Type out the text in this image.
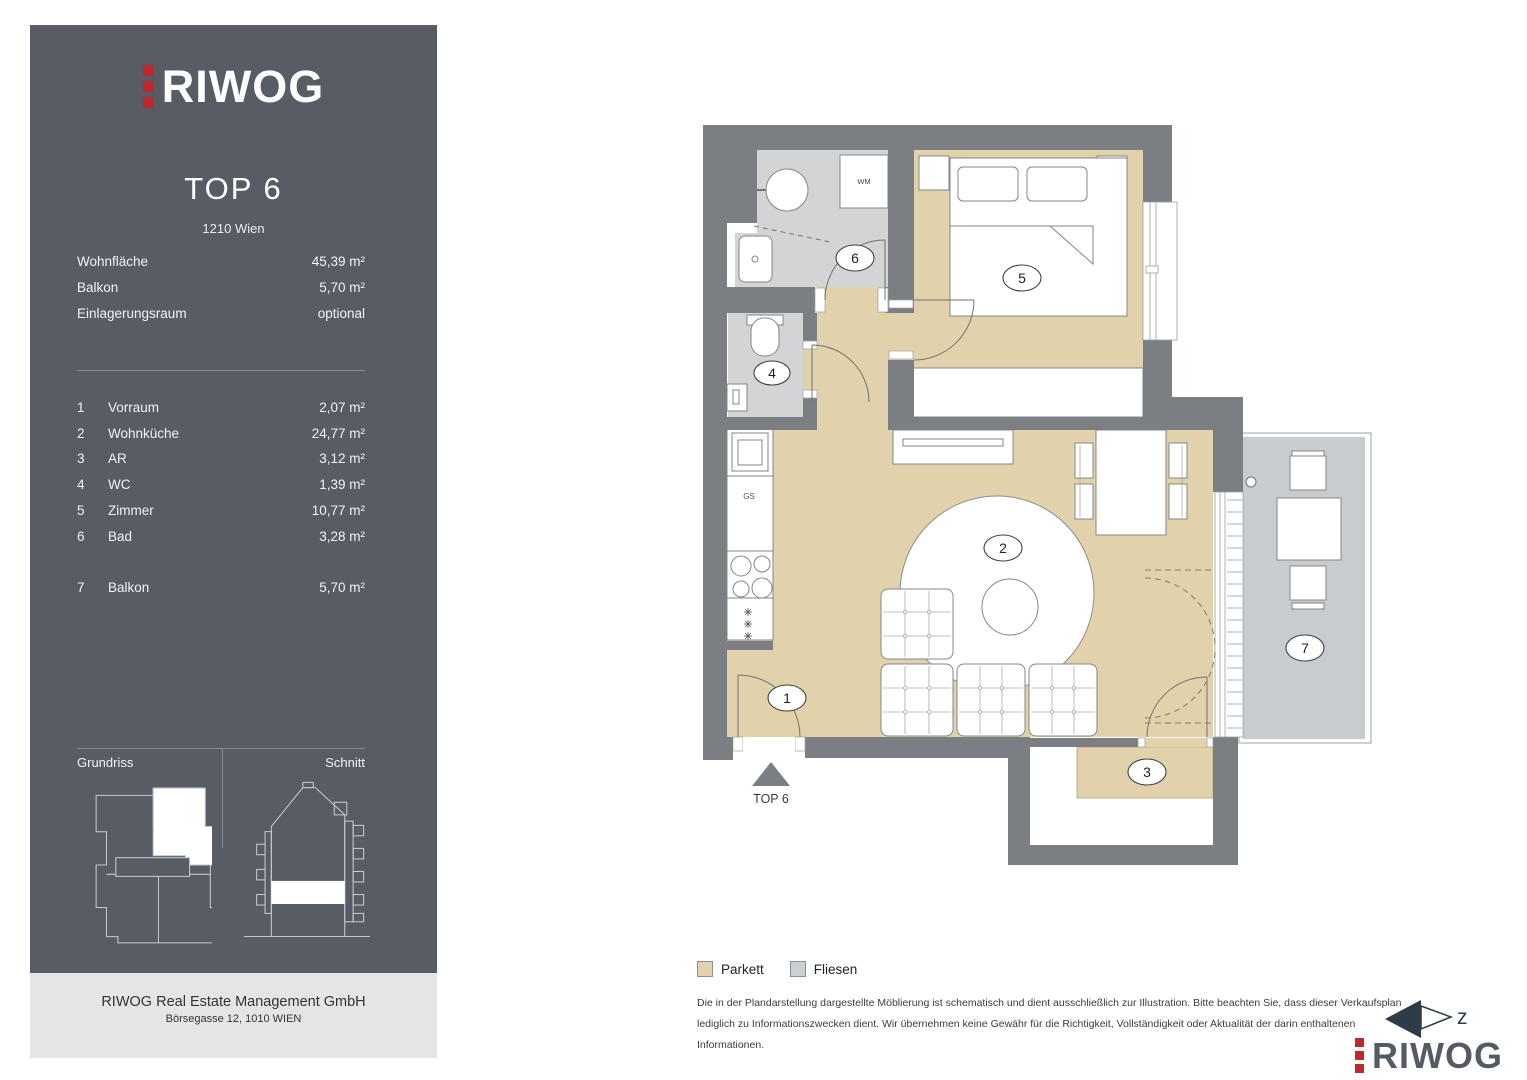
RIWOG
TOP 6
1210 Wien
Wohnfläche	45,39 m²
Balkon	5,70 m²
Einlagerungsraum	optional
1	Vorraum	2,07 m²
2	Wohnküche	24,77 m²
3	AR	3,12 m²
4	WC	1,39 m²
5	Zimmer	10,77 m²
6	Bad	3,28 m²
7	Balkon	5,70 m²
Grundriss	Schnitt
RIWOG Real Estate Management GmbH
Börsegasse 12, 1010 WIEN
GS
WM
TOP 6
1
2
3
4
5
6
7
Parkett	Fliesen
Die in der Plandarstellung dargestellte Möblierung ist schematisch und dient ausschließlich zur Illustration. Bitte beachten Sie, dass dieser Verkaufsplan
lediglich zu Informationszwecken dient. Wir übernehmen keine Gewähr für die Richtigkeit, Vollständigkeit oder Aktualität der darin enthaltenen
Informationen.
z
RIWOG
